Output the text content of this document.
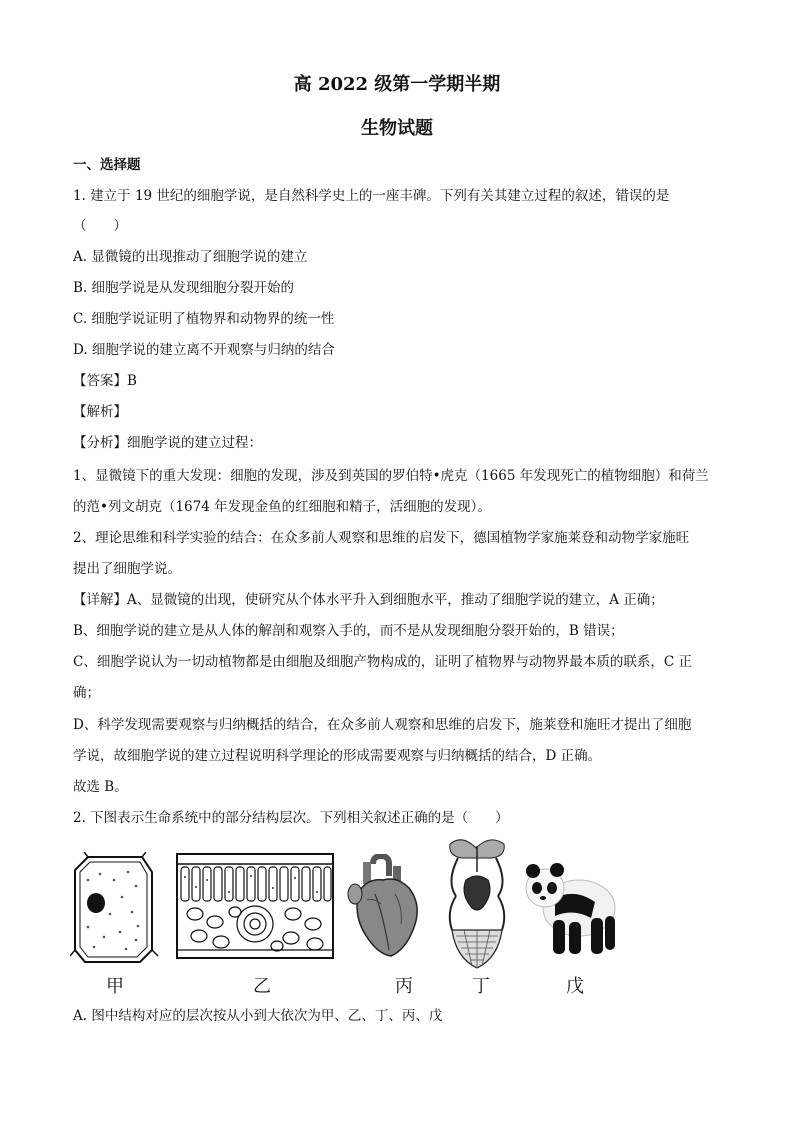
高 2022 级第一学期半期
生物试题
一、选择题
1. 建立于 19 世纪的细胞学说，是自然科学史上的一座丰碑。下列有关其建立过程的叙述，错误的是
（　　）
A. 显微镜的出现推动了细胞学说的建立
B. 细胞学说是从发现细胞分裂开始的
C. 细胞学说证明了植物界和动物界的统一性
D. 细胞学说的建立离不开观察与归纳的结合
【答案】B
【解析】
【分析】细胞学说的建立过程：
1、显微镜下的重大发现：细胞的发现，涉及到英国的罗伯特•虎克（1665 年发现死亡的植物细胞）和荷兰
的范•列文胡克（1674 年发现金鱼的红细胞和精子，活细胞的发现）。
2、理论思维和科学实验的结合：在众多前人观察和思维的启发下，德国植物学家施莱登和动物学家施旺
提出了细胞学说。
【详解】A、显微镜的出现，使研究从个体水平升入到细胞水平，推动了细胞学说的建立，A 正确；
B、细胞学说的建立是从人体的解剖和观察入手的，而不是从发现细胞分裂开始的，B 错误；
C、细胞学说认为一切动植物都是由细胞及细胞产物构成的，证明了植物界与动物界最本质的联系，C 正
确；
D、科学发现需要观察与归纳概括的结合，在众多前人观察和思维的启发下，施莱登和施旺才提出了细胞
学说，故细胞学说的建立过程说明科学理论的形成需要观察与归纳概括的结合，D 正确。
故选 B。
2. 下图表示生命系统中的部分结构层次。下列相关叙述正确的是（　　）
甲	乙	丙	丁	戊
A. 图中结构对应的层次按从小到大依次为甲、乙、丁、丙、戊
